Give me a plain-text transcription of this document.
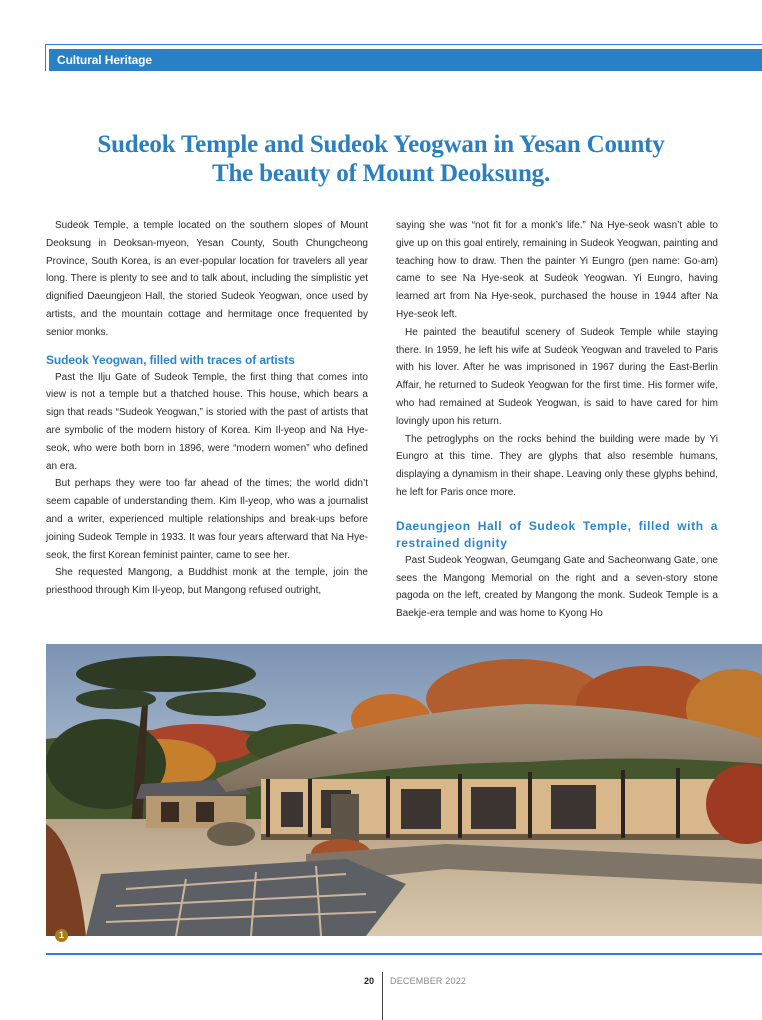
Cultural Heritage
Sudeok Temple and Sudeok Yeogwan in Yesan County
The beauty of Mount Deoksung.

Sudeok Temple, a temple located on the southern slopes of Mount Deoksung in Deoksan-myeon, Yesan County, South Chungcheong Province, South Korea, is an ever-popular location for travelers all year long. There is plenty to see and to talk about, including the simplistic yet dignified Daeungjeon Hall, the storied Sudeok Yeogwan, once used by artists, and the mountain cottage and hermitage once frequented by senior monks.

Sudeok Yeogwan, filled with traces of artists

Past the Ilju Gate of Sudeok Temple, the first thing that comes into view is not a temple but a thatched house. This house, which bears a sign that reads “Sudeok Yeogwan,” is storied with the past of artists that are symbolic of the modern history of Korea. Kim Il-yeop and Na Hye-seok, who were both born in 1896, were “modern women” who defined an era.

But perhaps they were too far ahead of the times; the world didn’t seem capable of understanding them. Kim Il-yeop, who was a journalist and a writer, experienced multiple relationships and break-ups before joining Sudeok Temple in 1933. It was four years afterward that Na Hye-seok, the first Korean feminist painter, came to see her.

She requested Mangong, a Buddhist monk at the temple, join the priesthood through Kim Il-yeop, but Mangong refused outright,

saying she was “not fit for a monk’s life.” Na Hye-seok wasn’t able to give up on this goal entirely, remaining in Sudeok Yeogwan, painting and teaching how to draw. Then the painter Yi Eungro (pen name: Go-am) came to see Na Hye-seok at Sudeok Yeogwan. Yi Eungro, having learned art from Na Hye-seok, purchased the house in 1944 after Na Hye-seok left.

He painted the beautiful scenery of Sudeok Temple while staying there. In 1959, he left his wife at Sudeok Yeogwan and traveled to Paris with his lover. After he was imprisoned in 1967 during the East-Berlin Affair, he returned to Sudeok Yeogwan for the first time. His former wife, who had remained at Sudeok Yeogwan, is said to have cared for him lovingly upon his return.

The petroglyphs on the rocks behind the building were made by Yi Eungro at this time. They are glyphs that also resemble humans, displaying a dynamism in their shape. Leaving only these glyphs behind, he left for Paris once more.

Daeungjeon Hall of Sudeok Temple, filled with a restrained dignity

Past Sudeok Yeogwan, Geumgang Gate and Sacheonwang Gate, one sees the Mangong Memorial on the right and a seven-story stone pagoda on the left, created by Mangong the monk. Sudeok Temple is a Baekje-era temple and was home to Kyong Ho

1
20 DECEMBER 2022
